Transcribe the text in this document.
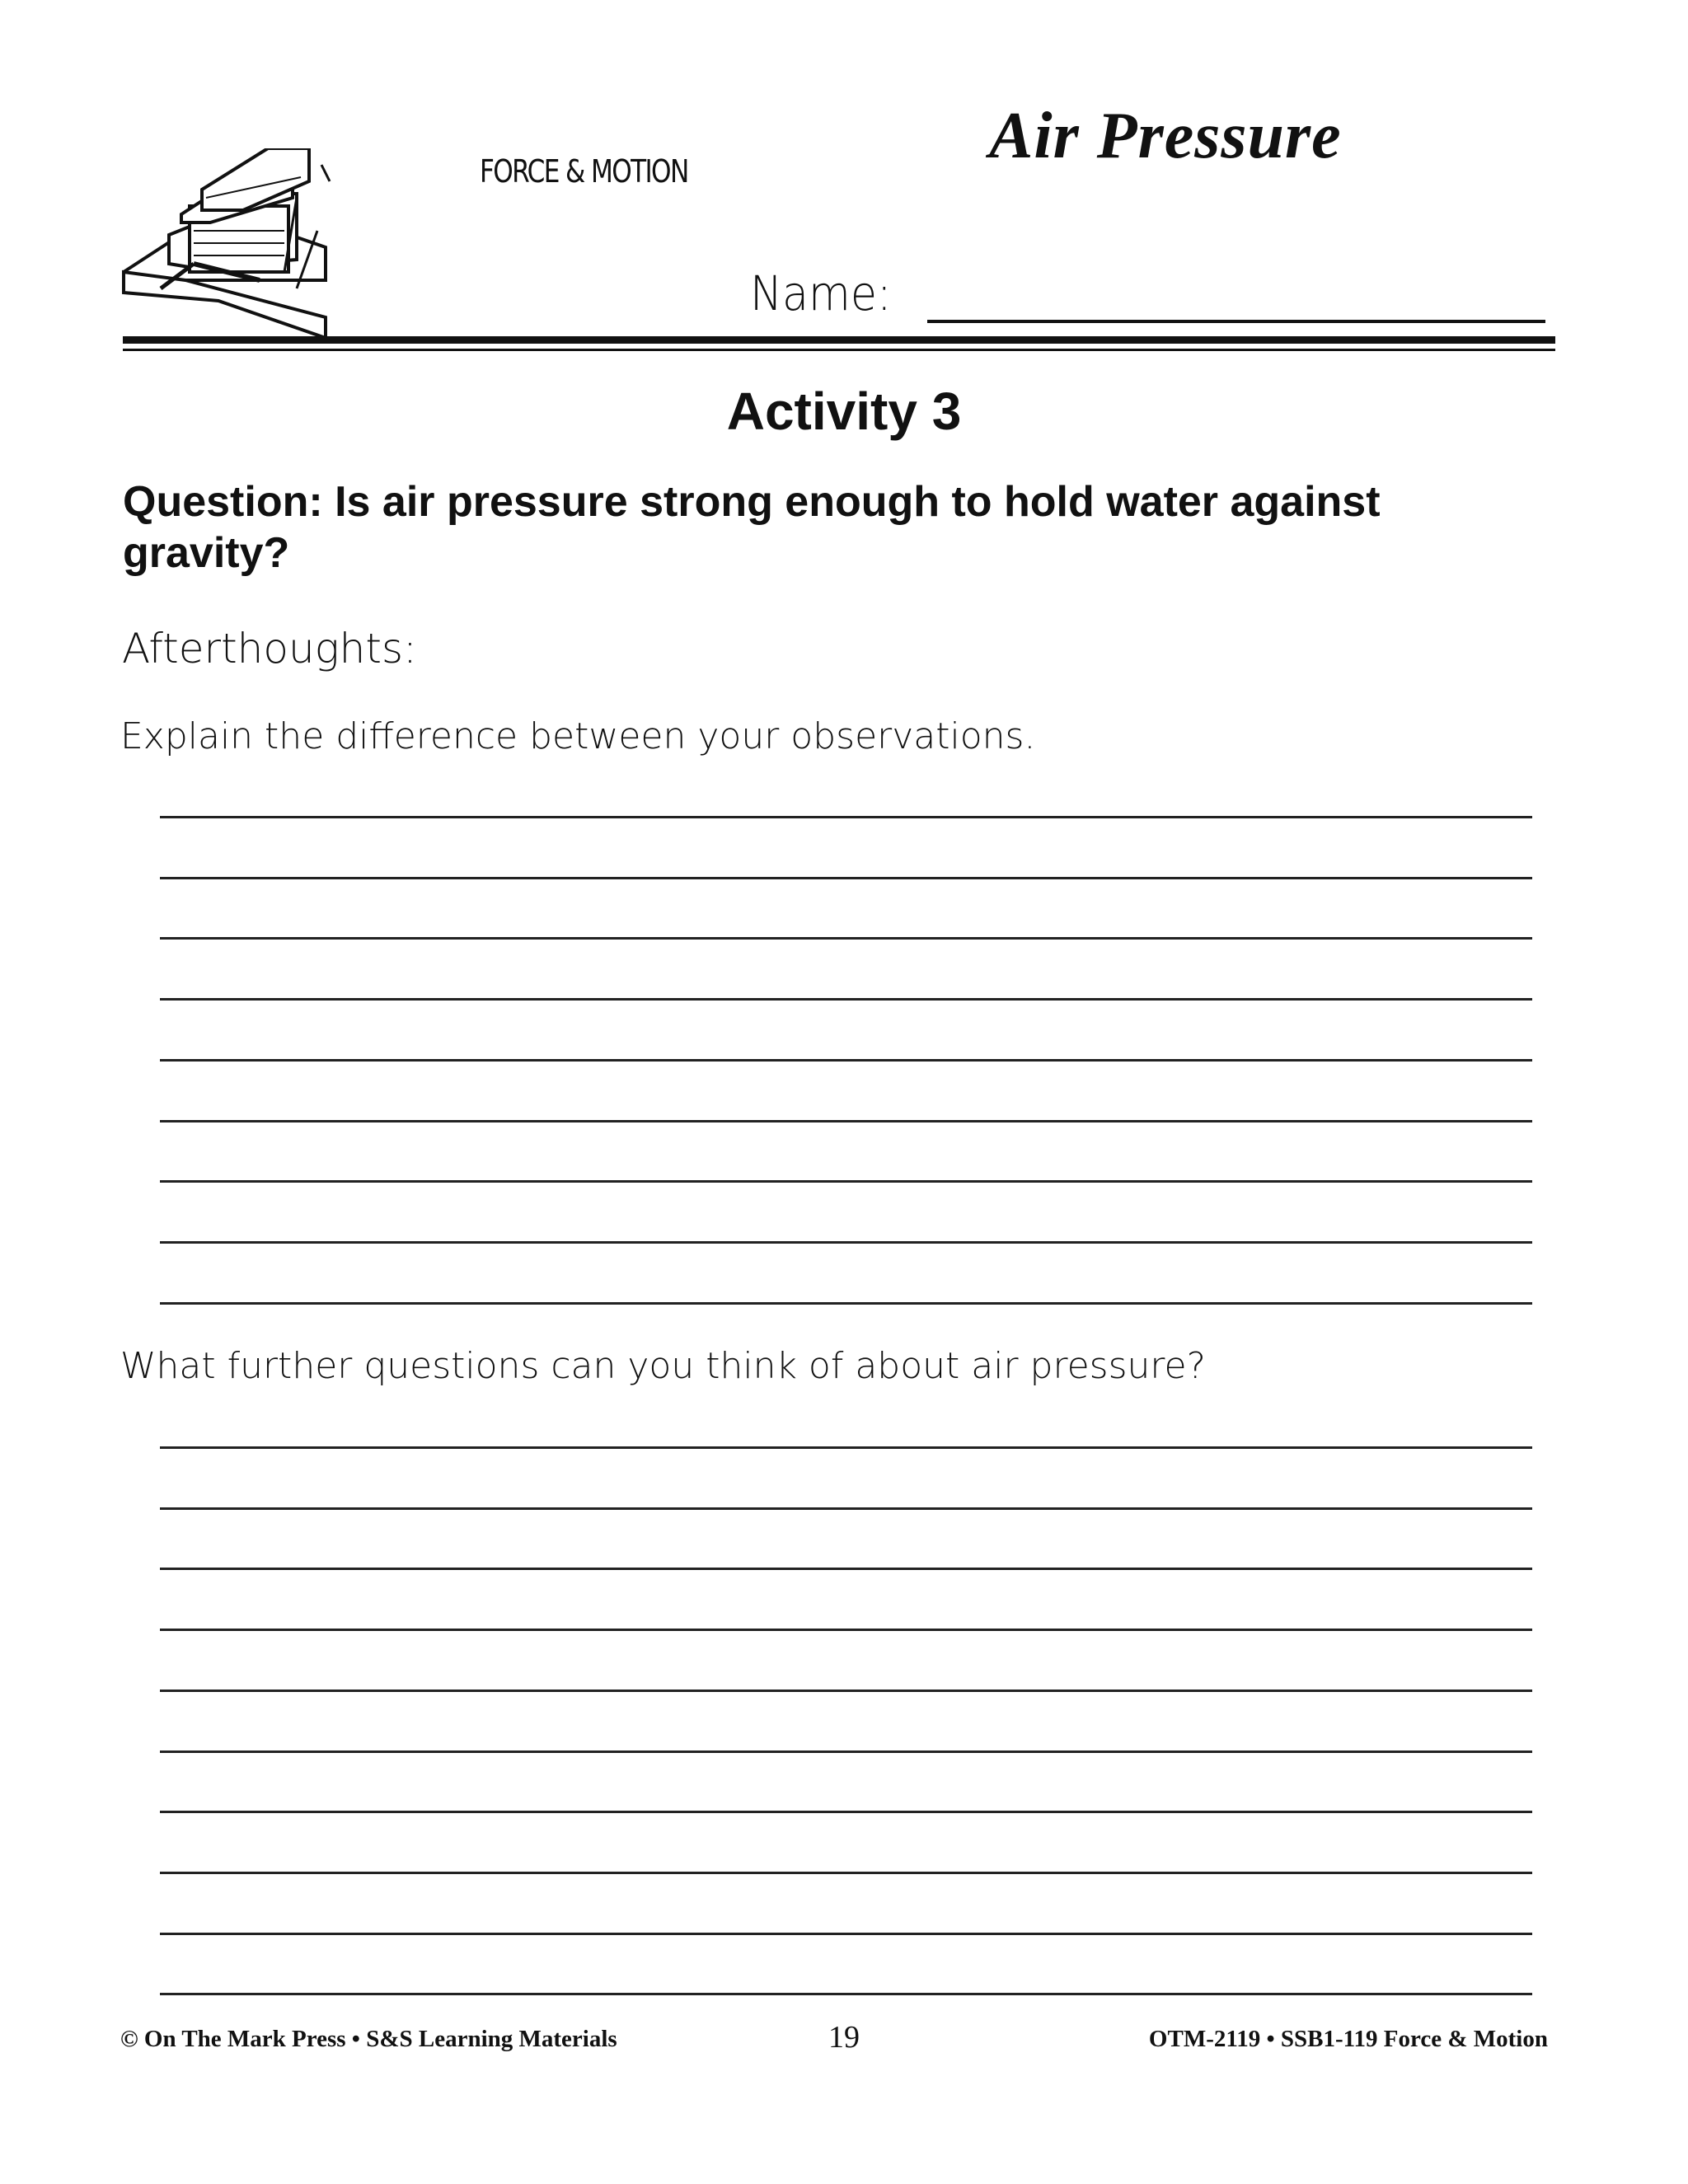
Air Pressure
FORCE & MOTION
Name:
Activity 3
Question: Is air pressure strong enough to hold water against gravity?
Afterthoughts:
Explain the difference between your observations.
What further questions can you think of about air pressure?
© On The Mark Press • S&S Learning Materials	19	OTM-2119 • SSB1-119 Force & Motion
